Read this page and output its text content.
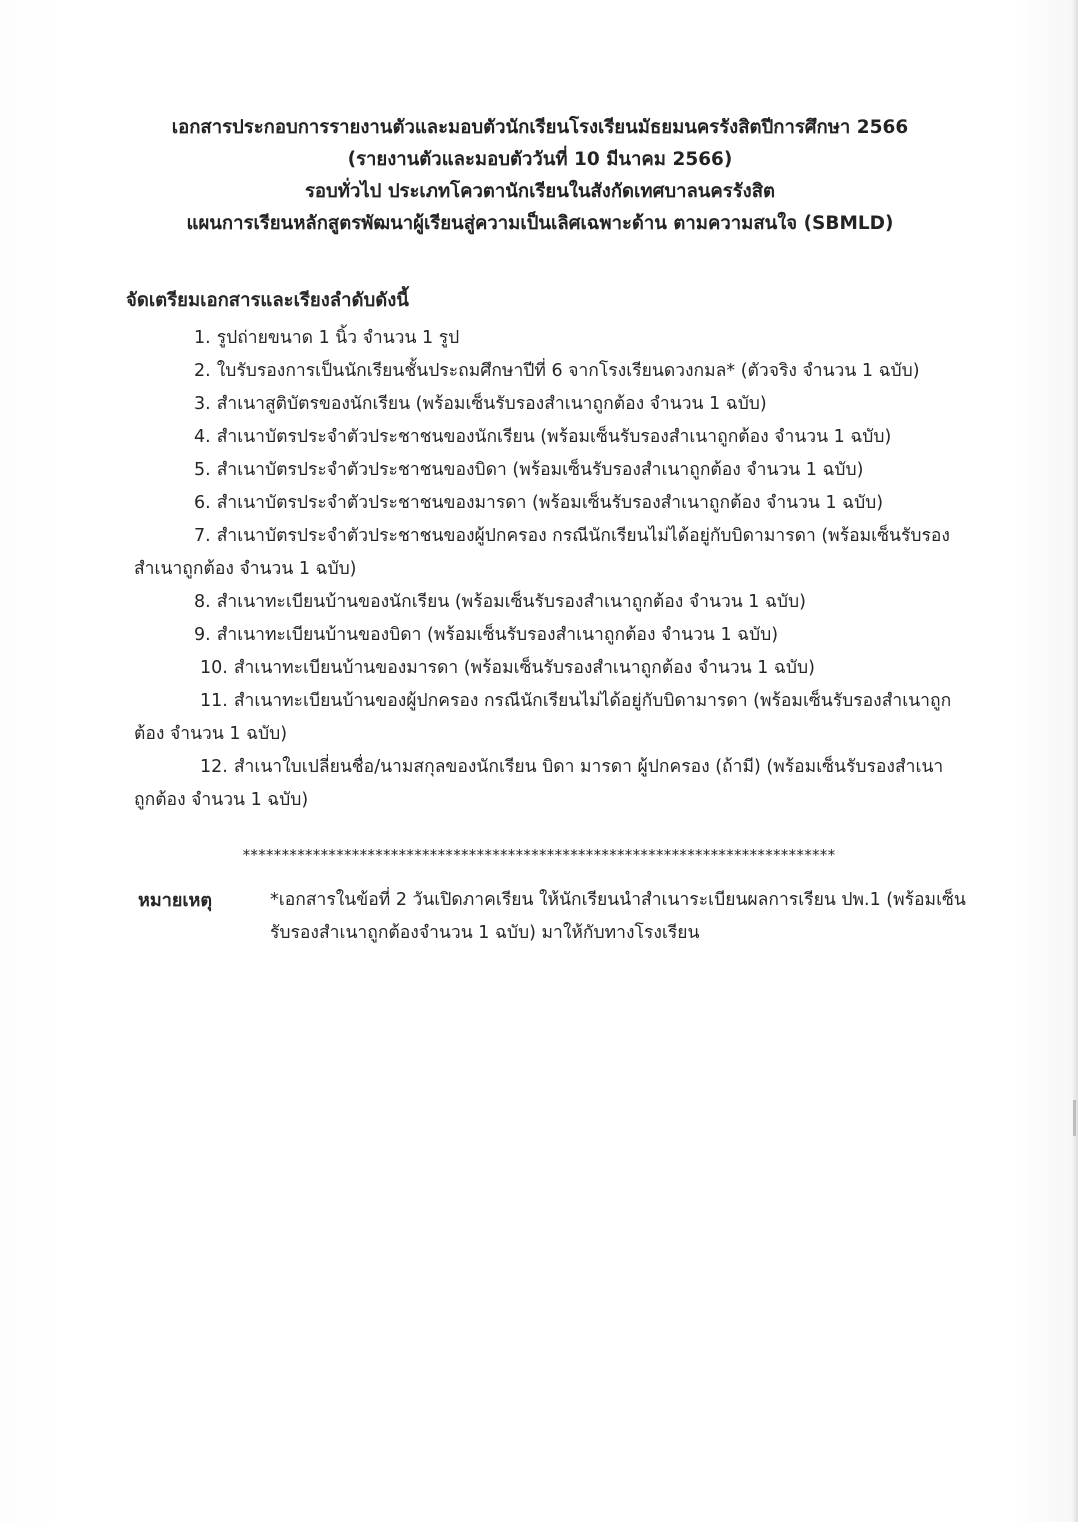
เอกสารประกอบการรายงานตัวและมอบตัวนักเรียนโรงเรียนมัธยมนครรังสิตปีการศึกษา 2566
(รายงานตัวและมอบตัววันที่ 10 มีนาคม 2566)
รอบทั่วไป ประเภทโควตานักเรียนในสังกัดเทศบาลนครรังสิต
แผนการเรียนหลักสูตรพัฒนาผู้เรียนสู่ความเป็นเลิศเฉพาะด้าน ตามความสนใจ (SBMLD)
จัดเตรียมเอกสารและเรียงลำดับดังนี้
1. รูปถ่ายขนาด 1 นิ้ว จำนวน 1 รูป
2. ใบรับรองการเป็นนักเรียนชั้นประถมศึกษาปีที่ 6 จากโรงเรียนดวงกมล* (ตัวจริง จำนวน 1 ฉบับ)
3. สำเนาสูติบัตรของนักเรียน (พร้อมเซ็นรับรองสำเนาถูกต้อง จำนวน 1 ฉบับ)
4. สำเนาบัตรประจำตัวประชาชนของนักเรียน (พร้อมเซ็นรับรองสำเนาถูกต้อง จำนวน 1 ฉบับ)
5. สำเนาบัตรประจำตัวประชาชนของบิดา (พร้อมเซ็นรับรองสำเนาถูกต้อง จำนวน 1 ฉบับ)
6. สำเนาบัตรประจำตัวประชาชนของมารดา (พร้อมเซ็นรับรองสำเนาถูกต้อง จำนวน 1 ฉบับ)
7. สำเนาบัตรประจำตัวประชาชนของผู้ปกครอง กรณีนักเรียนไม่ได้อยู่กับบิดามารดา (พร้อมเซ็นรับรองสำเนาถูกต้อง จำนวน 1 ฉบับ)
8. สำเนาทะเบียนบ้านของนักเรียน (พร้อมเซ็นรับรองสำเนาถูกต้อง จำนวน 1 ฉบับ)
9. สำเนาทะเบียนบ้านของบิดา (พร้อมเซ็นรับรองสำเนาถูกต้อง จำนวน 1 ฉบับ)
10. สำเนาทะเบียนบ้านของมารดา (พร้อมเซ็นรับรองสำเนาถูกต้อง จำนวน 1 ฉบับ)
11. สำเนาทะเบียนบ้านของผู้ปกครอง กรณีนักเรียนไม่ได้อยู่กับบิดามารดา (พร้อมเซ็นรับรองสำเนาถูกต้อง จำนวน 1 ฉบับ)
12. สำเนาใบเปลี่ยนชื่อ/นามสกุลของนักเรียน บิดา มารดา ผู้ปกครอง (ถ้ามี) (พร้อมเซ็นรับรองสำเนาถูกต้อง จำนวน 1 ฉบับ)
****************************************************************************
หมายเหตุ	*เอกสารในข้อที่ 2 วันเปิดภาคเรียน ให้นักเรียนนำสำเนาระเบียนผลการเรียน ปพ.1 (พร้อมเซ็นรับรองสำเนาถูกต้องจำนวน 1 ฉบับ) มาให้กับทางโรงเรียน
